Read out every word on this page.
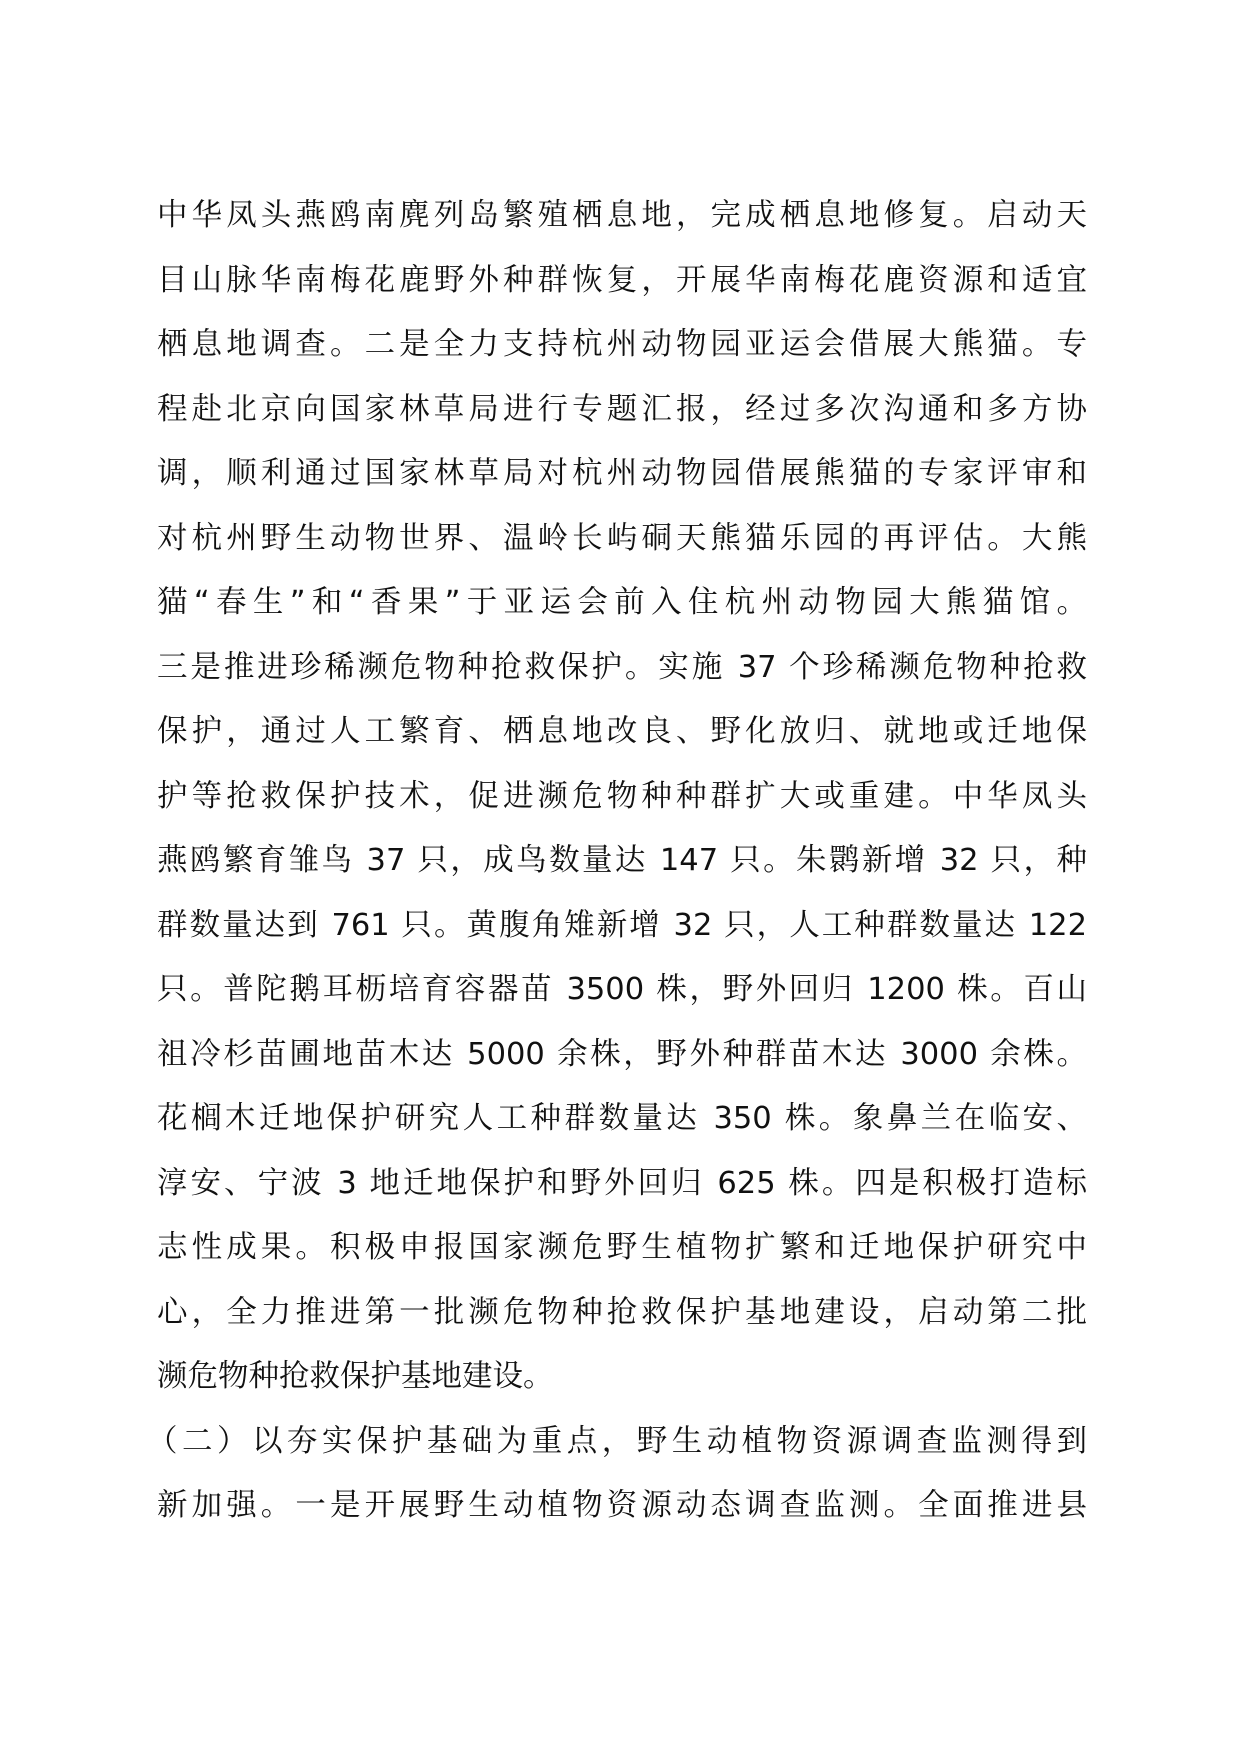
中华凤头燕鸥南麂列岛繁殖栖息地，完成栖息地修复。启动天
目山脉华南梅花鹿野外种群恢复，开展华南梅花鹿资源和适宜
栖息地调查。二是全力支持杭州动物园亚运会借展大熊猫。专
程赴北京向国家林草局进行专题汇报，经过多次沟通和多方协
调，顺利通过国家林草局对杭州动物园借展熊猫的专家评审和
对杭州野生动物世界、温岭长屿硐天熊猫乐园的再评估。大熊
猫“春生”和“香果”于亚运会前入住杭州动物园大熊猫馆。
三是推进珍稀濒危物种抢救保护。实施 37 个珍稀濒危物种抢救
保护，通过人工繁育、栖息地改良、野化放归、就地或迁地保
护等抢救保护技术，促进濒危物种种群扩大或重建。中华凤头
燕鸥繁育雏鸟 37 只，成鸟数量达 147 只。朱鹮新增 32 只，种
群数量达到 761 只。黄腹角雉新增 32 只，人工种群数量达 122
只。普陀鹅耳枥培育容器苗 3500 株，野外回归 1200 株。百山
祖冷杉苗圃地苗木达 5000 余株，野外种群苗木达 3000 余株。
花榈木迁地保护研究人工种群数量达 350 株。象鼻兰在临安、
淳安、宁波 3 地迁地保护和野外回归 625 株。四是积极打造标
志性成果。积极申报国家濒危野生植物扩繁和迁地保护研究中
心，全力推进第一批濒危物种抢救保护基地建设，启动第二批
濒危物种抢救保护基地建设。
（二）以夯实保护基础为重点，野生动植物资源调查监测得到
新加强。一是开展野生动植物资源动态调查监测。全面推进县
